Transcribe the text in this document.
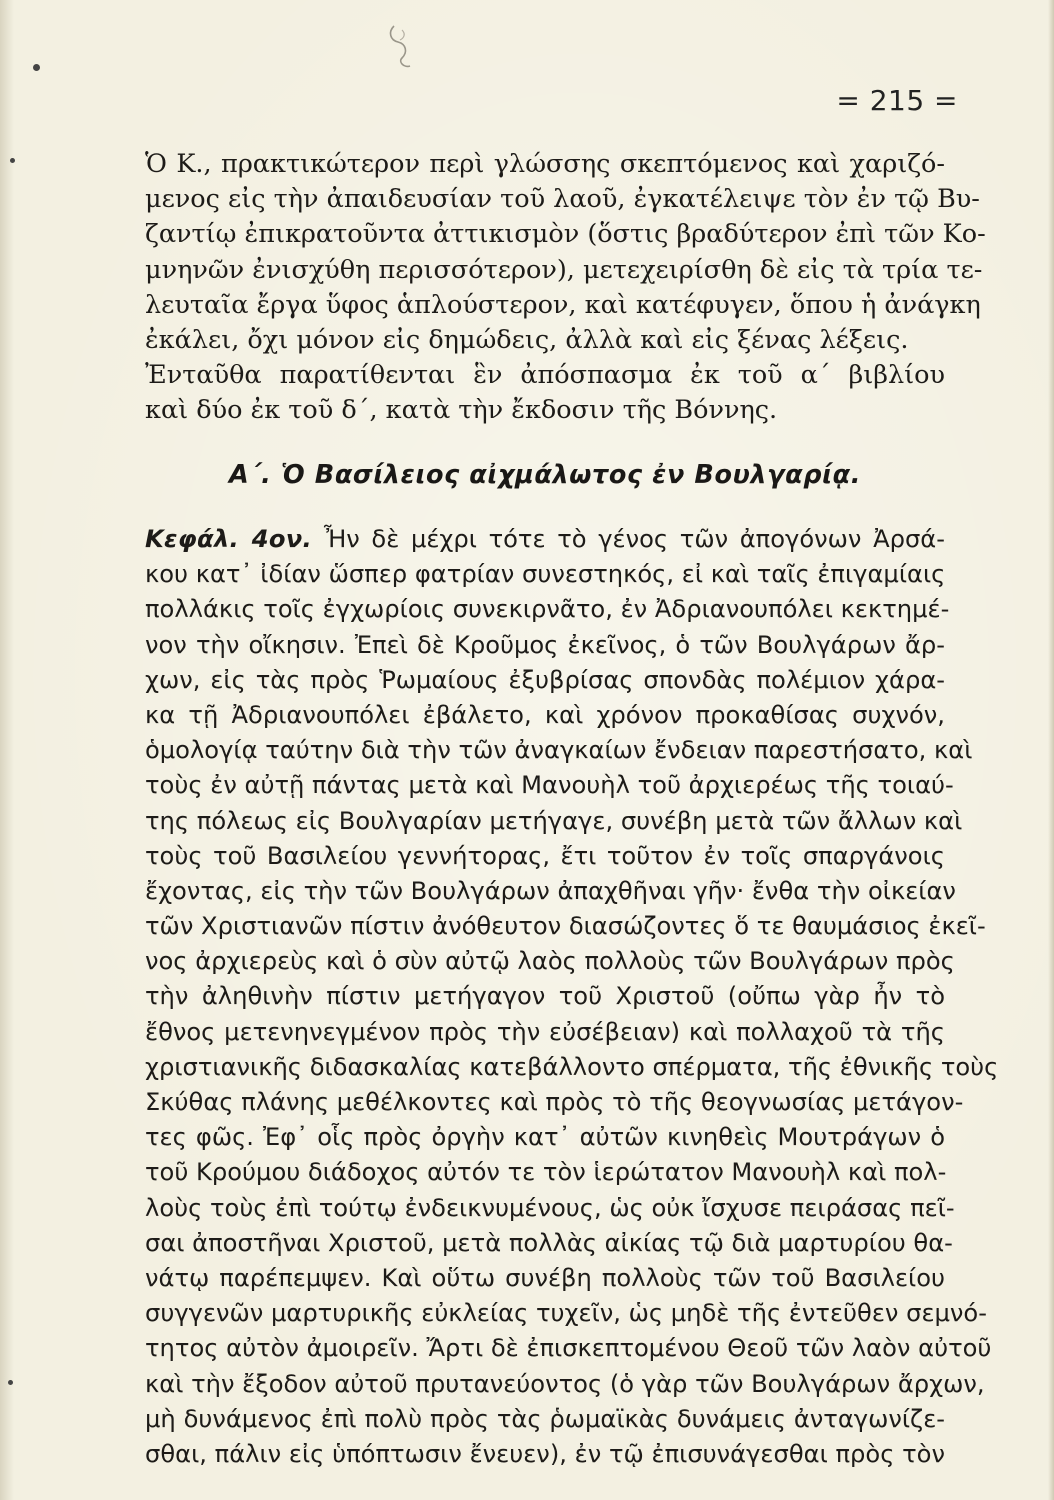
= 215 =
Ὁ Κ., πρακτικώτερον περὶ γλώσσης σκεπτόμενος καὶ χαριζό-
μενος εἰς τὴν ἀπαιδευσίαν τοῦ λαοῦ, ἐγκατέλειψε τὸν ἐν τῷ Βυ-
ζαντίῳ ἐπικρατοῦντα ἀττικισμὸν (ὅστις βραδύτερον ἐπὶ τῶν Κο-
μνηνῶν ἐνισχύθη περισσότερον), μετεχειρίσθη δὲ εἰς τὰ τρία τε-
λευταῖα ἔργα ὕφος ἁπλούστερον, καὶ κατέφυγεν, ὅπου ἡ ἀνάγκη
ἐκάλει, ὄχι μόνον εἰς δημώδεις, ἀλλὰ καὶ εἰς ξένας λέξεις.
Ἐνταῦθα παρατίθενται ἓν ἀπόσπασμα ἐκ τοῦ α΄ βιβλίου
καὶ δύο ἐκ τοῦ δ΄, κατὰ τὴν ἔκδοσιν τῆς Βόννης.
Α΄. Ὁ Βασίλειος αἰχμάλωτος ἐν Βουλγαρίᾳ.
Κεφάλ. 4ον. Ἦν δὲ μέχρι τότε τὸ γένος τῶν ἀπογόνων Ἀρσά-
κου κατ᾽ ἰδίαν ὥσπερ φατρίαν συνεστηκός, εἰ καὶ ταῖς ἐπιγαμίαις
πολλάκις τοῖς ἐγχωρίοις συνεκιρνᾶτο, ἐν Ἀδριανουπόλει κεκτημέ-
νον τὴν οἴκησιν. Ἐπεὶ δὲ Κροῦμος ἐκεῖνος, ὁ τῶν Βουλγάρων ἄρ-
χων, εἰς τὰς πρὸς Ῥωμαίους ἐξυβρίσας σπονδὰς πολέμιον χάρα-
κα τῇ Ἀδριανουπόλει ἐβάλετο, καὶ χρόνον προκαθίσας συχνόν,
ὁμολογίᾳ ταύτην διὰ τὴν τῶν ἀναγκαίων ἔνδειαν παρεστήσατο, καὶ
τοὺς ἐν αὐτῇ πάντας μετὰ καὶ Μανουὴλ τοῦ ἀρχιερέως τῆς τοιαύ-
της πόλεως εἰς Βουλγαρίαν μετήγαγε, συνέβη μετὰ τῶν ἄλλων καὶ
τοὺς τοῦ Βασιλείου γεννήτορας, ἔτι τοῦτον ἐν τοῖς σπαργάνοις
ἔχοντας, εἰς τὴν τῶν Βουλγάρων ἀπαχθῆναι γῆν· ἔνθα τὴν οἰκείαν
τῶν Χριστιανῶν πίστιν ἀνόθευτον διασώζοντες ὅ τε θαυμάσιος ἐκεῖ-
νος ἀρχιερεὺς καὶ ὁ σὺν αὐτῷ λαὸς πολλοὺς τῶν Βουλγάρων πρὸς
τὴν ἀληθινὴν πίστιν μετήγαγον τοῦ Χριστοῦ (οὔπω γὰρ ἦν τὸ
ἔθνος μετενηνεγμένον πρὸς τὴν εὐσέβειαν) καὶ πολλαχοῦ τὰ τῆς
χριστιανικῆς διδασκαλίας κατεβάλλοντο σπέρματα, τῆς ἐθνικῆς τοὺς
Σκύθας πλάνης μεθέλκοντες καὶ πρὸς τὸ τῆς θεογνωσίας μετάγον-
τες φῶς. Ἐφ᾽ οἷς πρὸς ὀργὴν κατ᾽ αὐτῶν κινηθεὶς Μουτράγων ὁ
τοῦ Κρούμου διάδοχος αὐτόν τε τὸν ἱερώτατον Μανουὴλ καὶ πολ-
λοὺς τοὺς ἐπὶ τούτῳ ἐνδεικνυμένους, ὡς οὐκ ἴσχυσε πειράσας πεῖ-
σαι ἀποστῆναι Χριστοῦ, μετὰ πολλὰς αἰκίας τῷ διὰ μαρτυρίου θα-
νάτῳ παρέπεμψεν. Καὶ οὕτω συνέβη πολλοὺς τῶν τοῦ Βασιλείου
συγγενῶν μαρτυρικῆς εὐκλείας τυχεῖν, ὡς μηδὲ τῆς ἐντεῦθεν σεμνό-
τητος αὐτὸν ἀμοιρεῖν. Ἄρτι δὲ ἐπισκεπτομένου Θεοῦ τῶν λαὸν αὐτοῦ
καὶ τὴν ἔξοδον αὐτοῦ πρυτανεύοντος (ὁ γὰρ τῶν Βουλγάρων ἄρχων,
μὴ δυνάμενος ἐπὶ πολὺ πρὸς τὰς ῥωμαϊκὰς δυνάμεις ἀνταγωνίζε-
σθαι, πάλιν εἰς ὑπόπτωσιν ἔνευεν), ἐν τῷ ἐπισυνάγεσθαι πρὸς τὸν
